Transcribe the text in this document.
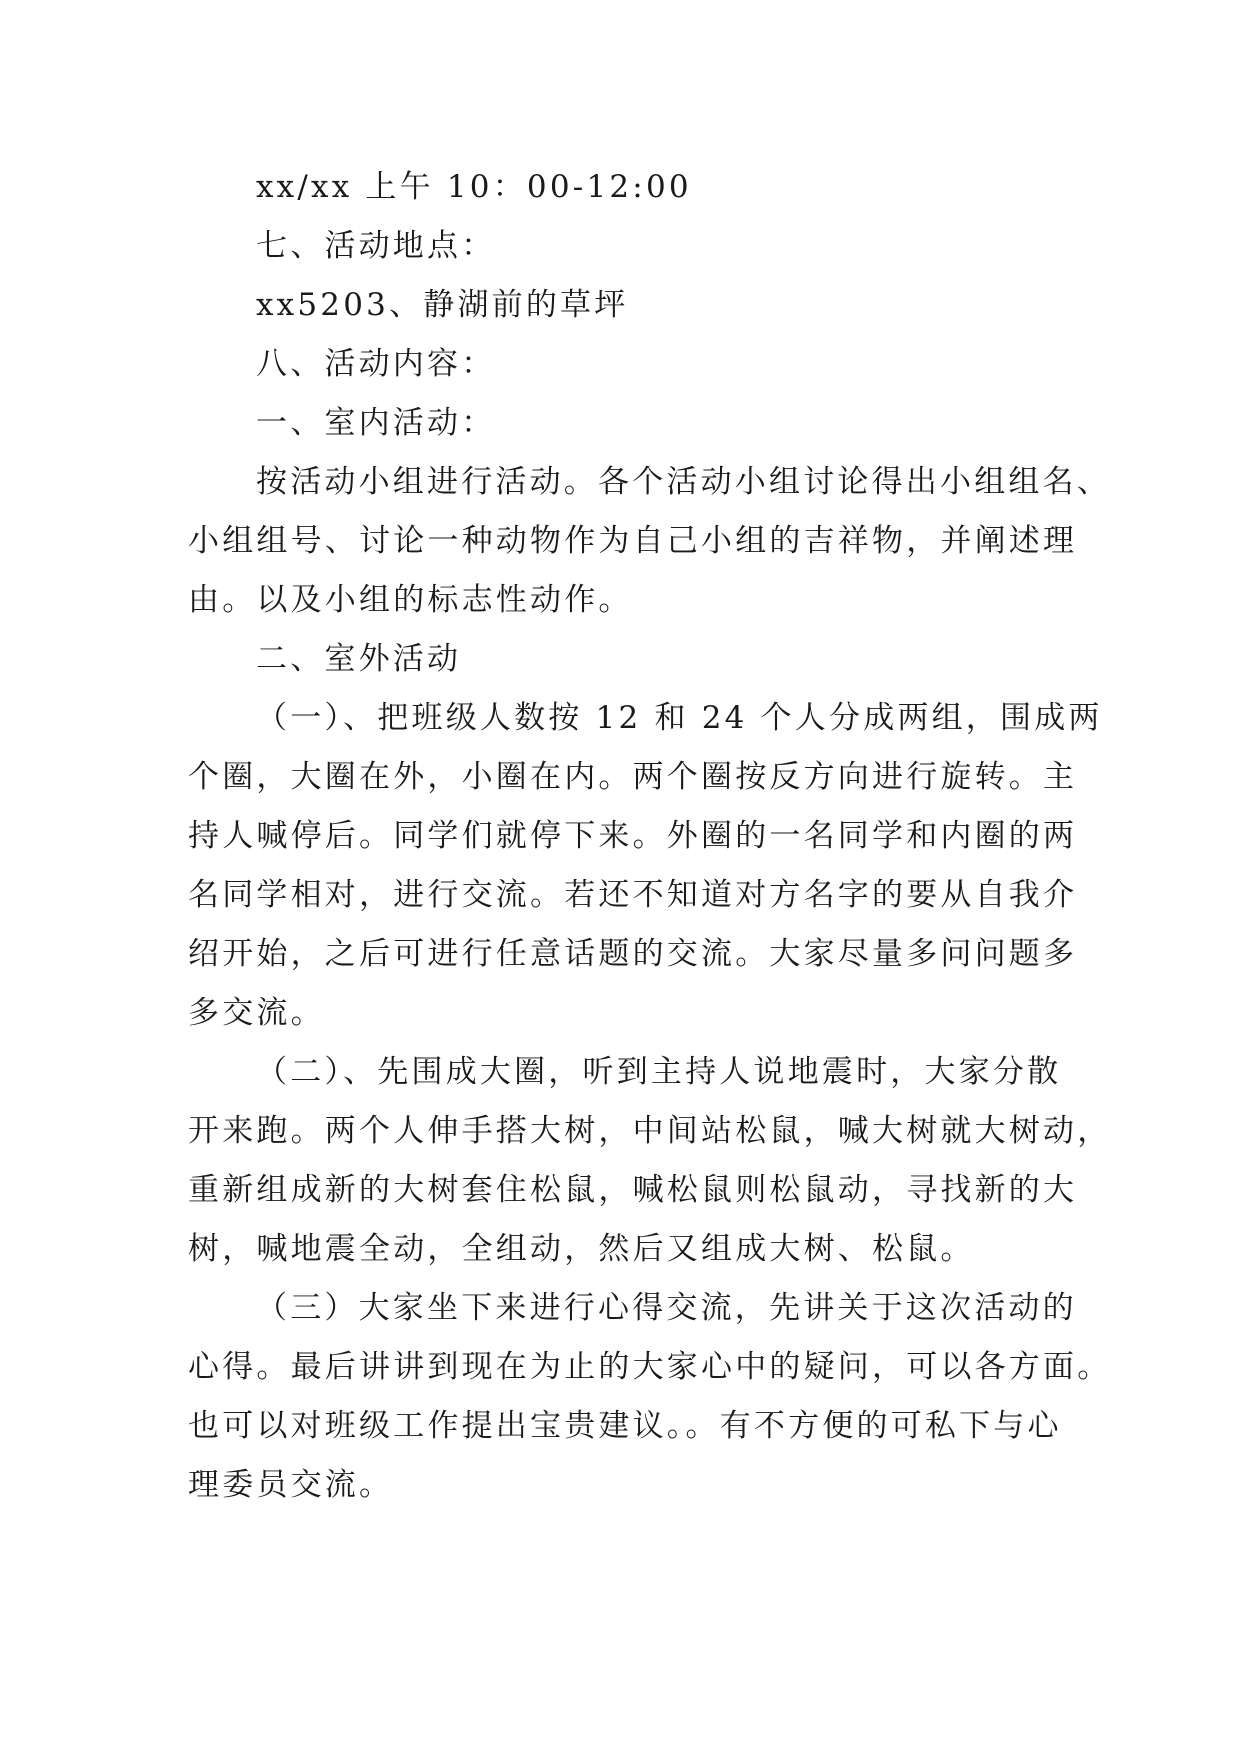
xx/xx 上午 10：00-12:00

七、活动地点：

xx5203、静湖前的草坪

八、活动内容：

一、室内活动：

按活动小组进行活动。各个活动小组讨论得出小组组名、

小组组号、讨论一种动物作为自己小组的吉祥物，并阐述理

由。以及小组的标志性动作。

二、室外活动

（一）、把班级人数按 12 和 24 个人分成两组，围成两

个圈，大圈在外，小圈在内。两个圈按反方向进行旋转。主

持人喊停后。同学们就停下来。外圈的一名同学和内圈的两

名同学相对，进行交流。若还不知道对方名字的要从自我介

绍开始，之后可进行任意话题的交流。大家尽量多问问题多

多交流。

（二）、先围成大圈，听到主持人说地震时，大家分散

开来跑。两个人伸手搭大树，中间站松鼠，喊大树就大树动，

重新组成新的大树套住松鼠，喊松鼠则松鼠动，寻找新的大

树，喊地震全动，全组动，然后又组成大树、松鼠。

（三）大家坐下来进行心得交流，先讲关于这次活动的

心得。最后讲讲到现在为止的大家心中的疑问，可以各方面。

也可以对班级工作提出宝贵建议。。有不方便的可私下与心

理委员交流。
